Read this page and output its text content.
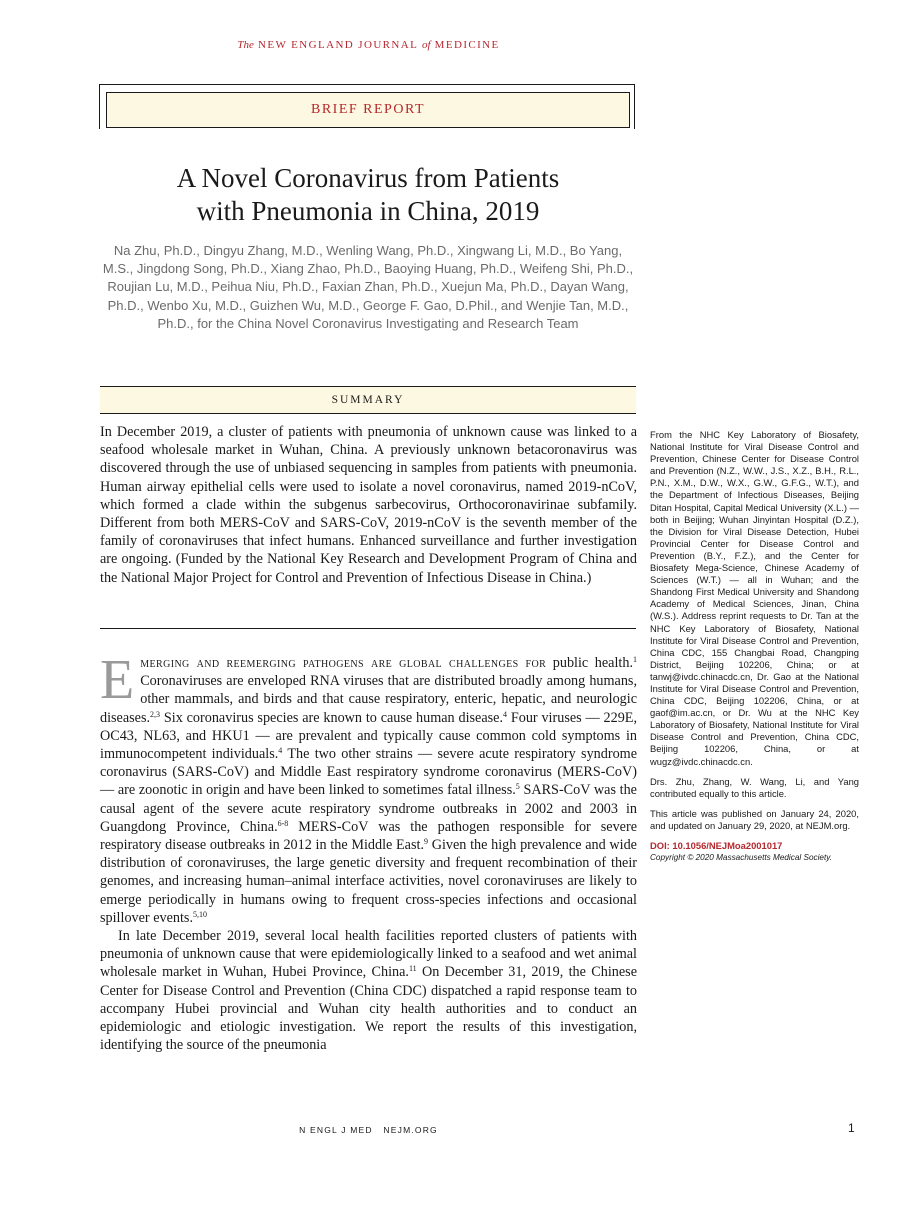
The NEW ENGLAND JOURNAL of MEDICINE
BRIEF REPORT
A Novel Coronavirus from Patients
with Pneumonia in China, 2019
Na Zhu, Ph.D., Dingyu Zhang, M.D., Wenling Wang, Ph.D., Xingwang Li, M.D., Bo Yang, M.S., Jingdong Song, Ph.D., Xiang Zhao, Ph.D., Baoying Huang, Ph.D., Weifeng Shi, Ph.D., Roujian Lu, M.D., Peihua Niu, Ph.D., Faxian Zhan, Ph.D., Xuejun Ma, Ph.D., Dayan Wang, Ph.D., Wenbo Xu, M.D., Guizhen Wu, M.D., George F. Gao, D.Phil., and Wenjie Tan, M.D., Ph.D., for the China Novel Coronavirus Investigating and Research Team
SUMMARY
In December 2019, a cluster of patients with pneumonia of unknown cause was linked to a seafood wholesale market in Wuhan, China. A previously unknown betacoronavirus was discovered through the use of unbiased sequencing in samples from patients with pneumonia. Human airway epithelial cells were used to isolate a novel coronavirus, named 2019-nCoV, which formed a clade within the subgenus sarbecovirus, Orthocoronavirinae subfamily. Different from both MERS-CoV and SARS-CoV, 2019-nCoV is the seventh member of the family of coronaviruses that infect humans. Enhanced surveillance and further investigation are ongoing. (Funded by the National Key Research and Development Program of China and the National Major Project for Control and Prevention of Infectious Disease in China.)

Emerging and reemerging pathogens are global challenges for public health.$^1$ Coronaviruses are enveloped RNA viruses that are distributed broadly among humans, other mammals, and birds and that cause respiratory, enteric, hepatic, and neurologic diseases.$^{2,3}$ Six coronavirus species are known to cause human disease.$^4$ Four viruses — 229E, OC43, NL63, and HKU1 — are prevalent and typically cause common cold symptoms in immunocompetent individuals.$^4$ The two other strains — severe acute respiratory syndrome coronavirus (SARS-CoV) and Middle East respiratory syndrome coronavirus (MERS-CoV) — are zoonotic in origin and have been linked to sometimes fatal illness.$^5$ SARS-CoV was the causal agent of the severe acute respiratory syndrome outbreaks in 2002 and 2003 in Guangdong Province, China.$^{6-8}$ MERS-CoV was the pathogen responsible for severe respiratory disease outbreaks in 2012 in the Middle East.$^9$ Given the high prevalence and wide distribution of coronaviruses, the large genetic diversity and frequent recombination of their genomes, and increasing human–animal interface activities, novel coronaviruses are likely to emerge periodically in humans owing to frequent cross-species infections and occasional spillover events.$^{5,10}$

In late December 2019, several local health facilities reported clusters of patients with pneumonia of unknown cause that were epidemiologically linked to a seafood and wet animal wholesale market in Wuhan, Hubei Province, China.$^{11}$ On December 31, 2019, the Chinese Center for Disease Control and Prevention (China CDC) dispatched a rapid response team to accompany Hubei provincial and Wuhan city health authorities and to conduct an epidemiologic and etiologic investigation. We report the results of this investigation, identifying the source of the pneumonia

From the NHC Key Laboratory of Biosafety, National Institute for Viral Disease Control and Prevention, Chinese Center for Disease Control and Prevention (N.Z., W.W., J.S., X.Z., B.H., R.L., P.N., X.M., D.W., W.X., G.W., G.F.G., W.T.), and the Department of Infectious Diseases, Beijing Ditan Hospital, Capital Medical University (X.L.) — both in Beijing; Wuhan Jinyintan Hospital (D.Z.), the Division for Viral Disease Detection, Hubei Provincial Center for Disease Control and Prevention (B.Y., F.Z.), and the Center for Biosafety Mega-Science, Chinese Academy of Sciences (W.T.) — all in Wuhan; and the Shandong First Medical University and Shandong Academy of Medical Sciences, Jinan, China (W.S.). Address reprint requests to Dr. Tan at the NHC Key Laboratory of Biosafety, National Institute for Viral Disease Control and Prevention, China CDC, 155 Changbai Road, Changping District, Beijing 102206, China; or at tanwj@ivdc.chinacdc.cn, Dr. Gao at the National Institute for Viral Disease Control and Prevention, China CDC, Beijing 102206, China, or at gaof@im.ac.cn, or Dr. Wu at the NHC Key Laboratory of Biosafety, National Institute for Viral Disease Control and Prevention, China CDC, Beijing 102206, China, or at wugz@ivdc.chinacdc.cn.

Drs. Zhu, Zhang, W. Wang, Li, and Yang contributed equally to this article.

This article was published on January 24, 2020, and updated on January 29, 2020, at NEJM.org.

DOI: 10.1056/NEJMoa2001017

Copyright © 2020 Massachusetts Medical Society.

N ENGL J MED NEJM.ORG	1
